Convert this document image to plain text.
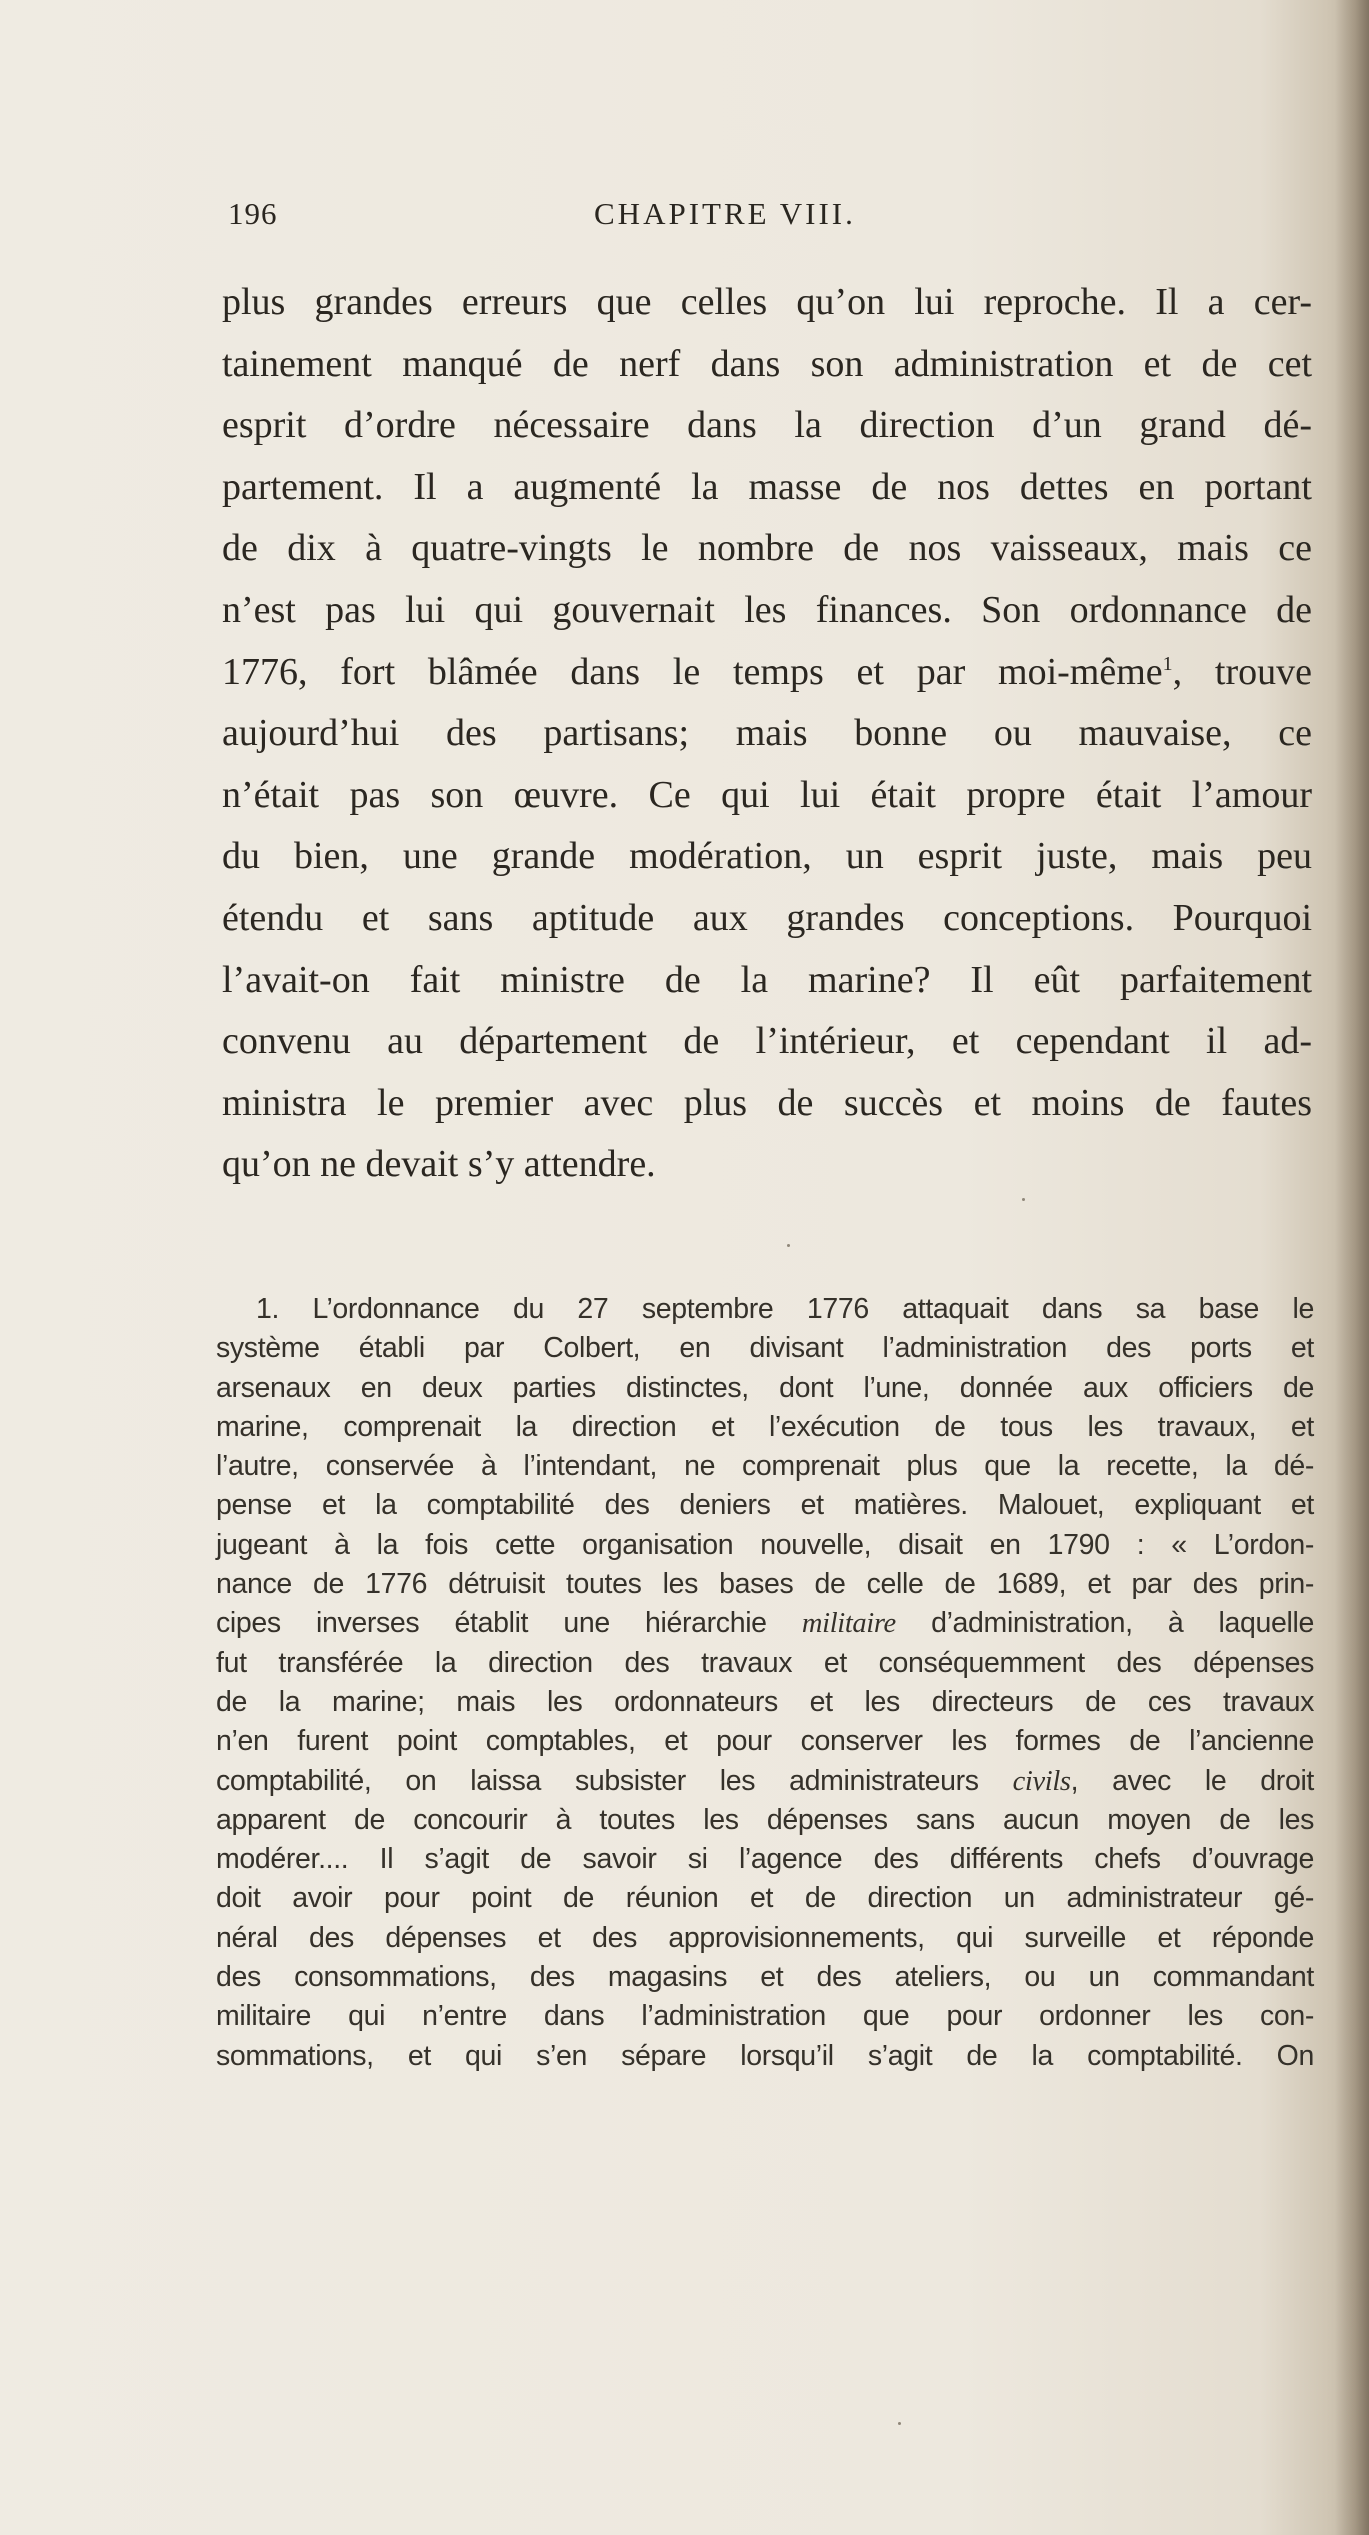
196	CHAPITRE VIII.
plus grandes erreurs que celles qu’on lui reproche. Il a cer-
tainement manqué de nerf dans son administration et de cet
esprit d’ordre nécessaire dans la direction d’un grand dé-
partement. Il a augmenté la masse de nos dettes en portant
de dix à quatre-vingts le nombre de nos vaisseaux, mais ce
n’est pas lui qui gouvernait les finances. Son ordonnance de
1776, fort blâmée dans le temps et par moi-même$^1$, trouve
aujourd’hui des partisans; mais bonne ou mauvaise, ce
n’était pas son œuvre. Ce qui lui était propre était l’amour
du bien, une grande modération, un esprit juste, mais peu
étendu et sans aptitude aux grandes conceptions. Pourquoi
l’avait-on fait ministre de la marine? Il eût parfaitement
convenu au département de l’intérieur, et cependant il ad-
ministra le premier avec plus de succès et moins de fautes
qu’on ne devait s’y attendre.
1. L’ordonnance du 27 septembre 1776 attaquait dans sa base le
système établi par Colbert, en divisant l’administration des ports et
arsenaux en deux parties distinctes, dont l’une, donnée aux officiers de
marine, comprenait la direction et l’exécution de tous les travaux, et
l’autre, conservée à l’intendant, ne comprenait plus que la recette, la dé-
pense et la comptabilité des deniers et matières. Malouet, expliquant et
jugeant à la fois cette organisation nouvelle, disait en 1790 : « L’ordon-
nance de 1776 détruisit toutes les bases de celle de 1689, et par des prin-
cipes inverses établit une hiérarchie militaire d’administration, à laquelle
fut transférée la direction des travaux et conséquemment des dépenses
de la marine; mais les ordonnateurs et les directeurs de ces travaux
n’en furent point comptables, et pour conserver les formes de l’ancienne
comptabilité, on laissa subsister les administrateurs civils, avec le droit
apparent de concourir à toutes les dépenses sans aucun moyen de les
modérer.... Il s’agit de savoir si l’agence des différents chefs d’ouvrage
doit avoir pour point de réunion et de direction un administrateur gé-
néral des dépenses et des approvisionnements, qui surveille et réponde
des consommations, des magasins et des ateliers, ou un commandant
militaire qui n’entre dans l’administration que pour ordonner les con-
sommations, et qui s’en sépare lorsqu’il s’agit de la comptabilité. On
